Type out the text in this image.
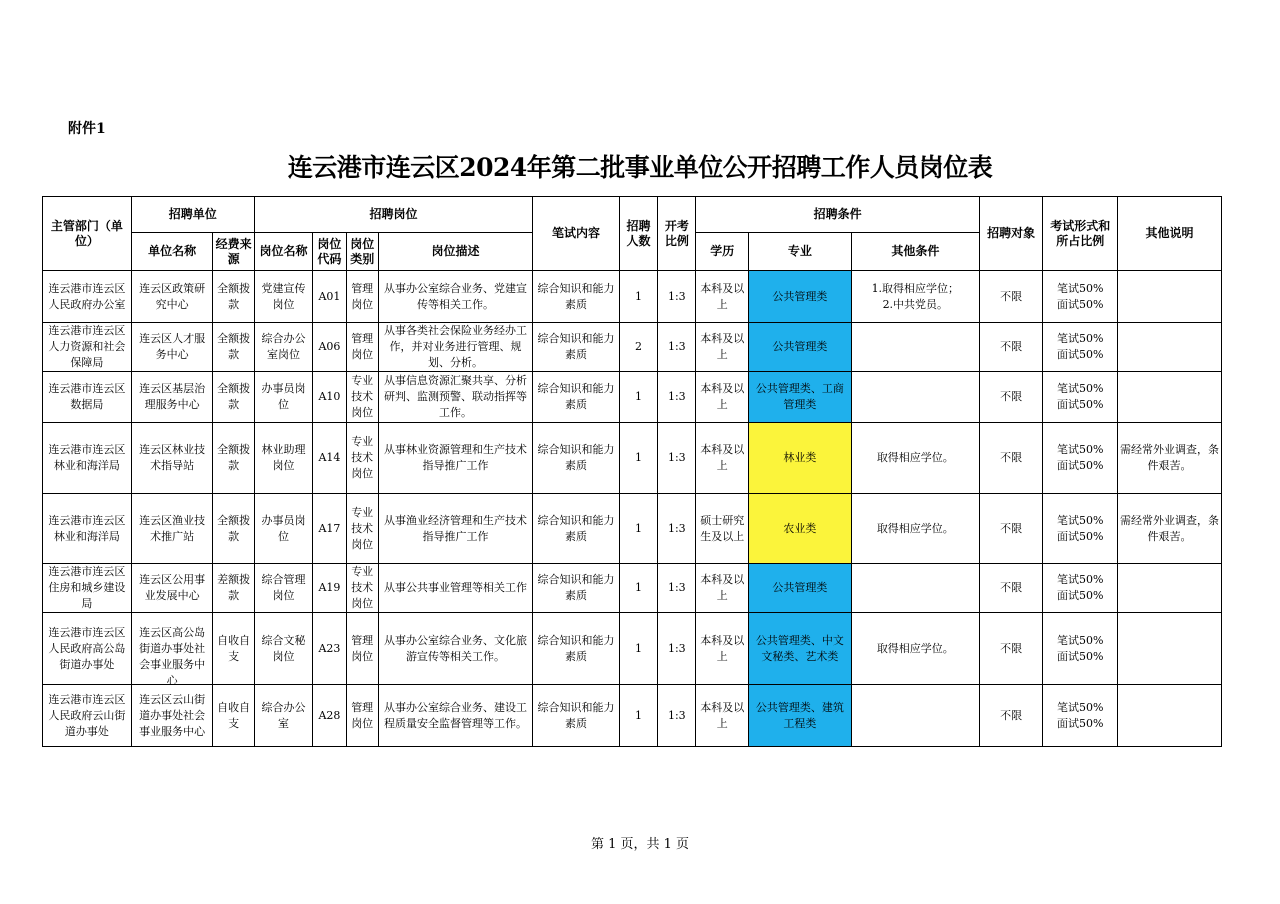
附件1
连云港市连云区2024年第二批事业单位公开招聘工作人员岗位表
主管部门（单位）	招聘单位		招聘岗位				笔试内容	招聘人数	开考比例	招聘条件			招聘对象	考试形式和所占比例	其他说明
	单位名称	经费来源	岗位名称	岗位代码	岗位类别	岗位描述				学历	专业	其他条件			

连云港市连云区人民政府办公室	连云区政策研究中心	全额拨款	党建宣传岗位	A01	管理岗位	从事办公室综合业务、党建宣传等相关工作。	综合知识和能力素质	1	1:3	本科及以上	公共管理类	1.取得相应学位；
2.中共党员。	不限	笔试50%
面试50%	

连云港市连云区人力资源和社会保障局	连云区人才服务中心	全额拨款	综合办公室岗位	A06	管理岗位	从事各类社会保险业务经办工作，并对业务进行管理、规划、分析。	综合知识和能力素质	2	1:3	本科及以上	公共管理类		不限	笔试50%
面试50%	

连云港市连云区数据局	连云区基层治理服务中心	全额拨款	办事员岗位	A10	专业技术岗位	从事信息资源汇聚共享、分析研判、监测预警、联动指挥等工作。	综合知识和能力素质	1	1:3	本科及以上	公共管理类、工商管理类		不限	笔试50%
面试50%	

连云港市连云区林业和海洋局	连云区林业技术指导站	全额拨款	林业助理岗位	A14	专业技术岗位	从事林业资源管理和生产技术指导推广工作	综合知识和能力素质	1	1:3	本科及以上	林业类	取得相应学位。	不限	笔试50%
面试50%	需经常外业调查，条件艰苦。

连云港市连云区林业和海洋局	连云区渔业技术推广站	全额拨款	办事员岗位	A17	专业技术岗位	从事渔业经济管理和生产技术指导推广工作	综合知识和能力素质	1	1:3	硕士研究生及以上	农业类	取得相应学位。	不限	笔试50%
面试50%	需经常外业调查，条件艰苦。

连云港市连云区住房和城乡建设局	连云区公用事业发展中心	差额拨款	综合管理岗位	A19	专业技术岗位	从事公共事业管理等相关工作	综合知识和能力素质	1	1:3	本科及以上	公共管理类		不限	笔试50%
面试50%	

连云港市连云区人民政府高公岛街道办事处	连云区高公岛街道办事处社会事业服务中心	自收自支	综合文秘岗位	A23	管理岗位	从事办公室综合业务、文化旅游宣传等相关工作。	综合知识和能力素质	1	1:3	本科及以上	公共管理类、中文文秘类、艺术类	取得相应学位。	不限	笔试50%
面试50%	

连云港市连云区人民政府云山街道办事处	连云区云山街道办事处社会事业服务中心	自收自支	综合办公室	A28	管理岗位	从事办公室综合业务、建设工程质量安全监督管理等工作。	综合知识和能力素质	1	1:3	本科及以上	公共管理类、建筑工程类		不限	笔试50%
面试50%	

第 1 页，共 1 页
